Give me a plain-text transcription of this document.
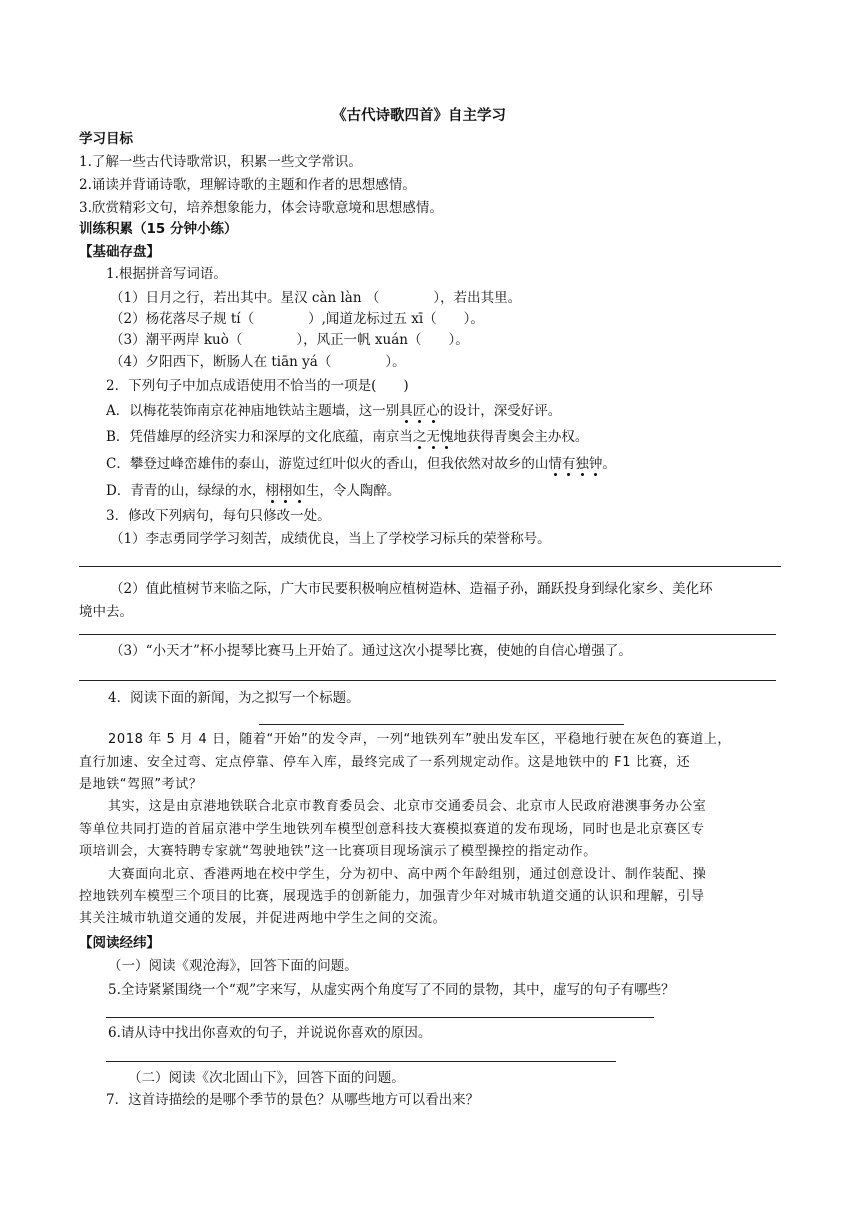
《古代诗歌四首》自主学习
学习目标
1.了解一些古代诗歌常识，积累一些文学常识。
2.诵读并背诵诗歌，理解诗歌的主题和作者的思想感情。
3.欣赏精彩文句，培养想象能力，体会诗歌意境和思想感情。
训练积累（15 分钟小练）
【基础存盘】
1.根据拼音写词语。
（1）日月之行，若出其中。星汉 càn làn （　　　　），若出其里。
（2）杨花落尽子规 tí（　　　　）,闻道龙标过五 xī（　　）。
（3）潮平两岸 kuò（　　　　），风正一帆 xuán（　　）。
（4）夕阳西下，断肠人在 tiān yá（　　　　）。
2．下列句子中加点成语使用不恰当的一项是(　　)
A．以梅花装饰南京花神庙地铁站主题墙，这一别具匠心的设计，深受好评。
B．凭借雄厚的经济实力和深厚的文化底蕴，南京当之无愧地获得青奥会主办权。
C．攀登过峰峦雄伟的泰山，游览过红叶似火的香山，但我依然对故乡的山情有独钟。
D．青青的山，绿绿的水，栩栩如生，令人陶醉。
3．修改下列病句，每句只修改一处。
（1）李志勇同学学习刻苦，成绩优良，当上了学校学习标兵的荣誉称号。
（2）值此植树节来临之际，广大市民要积极响应植树造林、造福子孙，踊跃投身到绿化家乡、美化环
境中去。
（3）“小天才”杯小提琴比赛马上开始了。通过这次小提琴比赛，使她的自信心增强了。
4．阅读下面的新闻，为之拟写一个标题。
2018 年 5 月 4 日，随着“开始”的发令声，一列“地铁列车”驶出发车区，平稳地行驶在灰色的赛道上，
直行加速、安全过弯、定点停靠、停车入库，最终完成了一系列规定动作。这是地铁中的 F1 比赛，还
是地铁“驾照”考试？
其实，这是由京港地铁联合北京市教育委员会、北京市交通委员会、北京市人民政府港澳事务办公室
等单位共同打造的首届京港中学生地铁列车模型创意科技大赛模拟赛道的发布现场，同时也是北京赛区专
项培训会，大赛特聘专家就“驾驶地铁”这一比赛项目现场演示了模型操控的指定动作。
大赛面向北京、香港两地在校中学生，分为初中、高中两个年龄组别，通过创意设计、制作装配、操
控地铁列车模型三个项目的比赛，展现选手的创新能力，加强青少年对城市轨道交通的认识和理解，引导
其关注城市轨道交通的发展，并促进两地中学生之间的交流。
【阅读经纬】
（一）阅读《观沧海》，回答下面的问题。
5.全诗紧紧围绕一个“观”字来写，从虚实两个角度写了不同的景物，其中，虚写的句子有哪些？
6.请从诗中找出你喜欢的句子，并说说你喜欢的原因。
（二）阅读《次北固山下》，回答下面的问题。
7．这首诗描绘的是哪个季节的景色？从哪些地方可以看出来？
